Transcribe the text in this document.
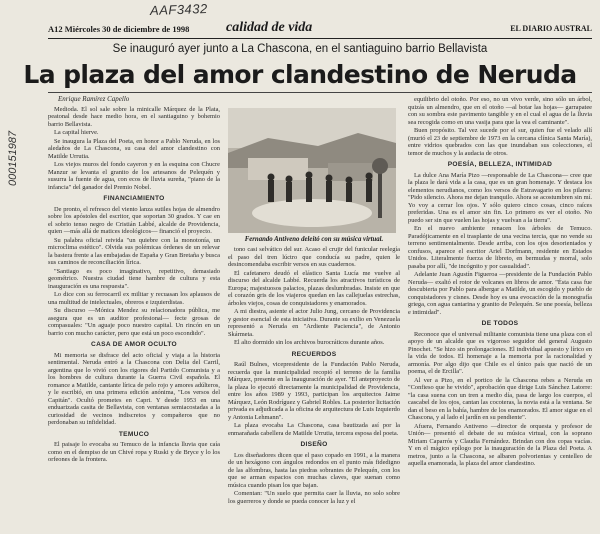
AAF3432
000151987
A12 Miércoles 30 de diciembre de 1998	calidad de vida	EL DIARIO AUSTRAL
Se inauguró ayer junto a La Chascona, en el santiaguino barrio Bellavista
La plaza del amor clandestino de Neruda
Enrique Ramírez Capello

Medioda. El sol sale sobre la minicalle Márquez de la Plata, peatonal desde hace medio hora, en el santiaguino y bohemio barrio Bellavista.

La capital hierve.

Se inaugura la Plaza del Poeta, en honor a Pablo Neruda, en los aledaños de La Chascona, su casa del amor clandestino con Matilde Urrutia.

Los viejos muros del fondo cayeron y en la esquina con Chucre Manzur se levanta el granito de los artesanos de Pelequén y susurra la fuente de agua, con ecos de lluvia sureña, "piano de la infancia" del ganador del Premio Nobel.

FINANCIAMIENTO

De pronto, el refresco del viento lanza sutiles hojas de almendro sobre los apóstoles del escritor, que soportan 30 grados. Y cae en el sobrio tenso negro de Cristián Labbé, alcalde de Providencia, quien —más allá de matices ideológicos— financió el proyecto.

Su palabra oficial reivida "un quiebre con la monotonía, un microclima estético". Olvida sus polémicas órdenes de un relevar la bastera frente a las embajadas de España y Gran Bretaña y busca sus caminos de reconciliación lírica.

"Santiago es poco imaginativo, repetitivo, demasiado geométrico. Nuestra ciudad tiene hambre de cultura y esta inauguración es una respuesta".

Lo dice con su ferrocarril ex militar y recuasan los aplausos de una multitud de intelectuales, obreros e izquierdistas.

Su discurso —Mónica Mendez su relacionadora pública, me asegura que es un auditor profesional— fecte grosas de compasuales: "Un aguaje poco nuestro capital. Un rincón en un barrio con mucho carácter, pero que está un poco escondido".

CASA DE AMOR OCULTO

Mi memoria se disfrace del acto oficial y viaja a la historia sentimental. Neruda entró a la Chascona con Delia del Carril, argentina que lo vivió con los rigores del Partido Comunista y a los hombres de cultura durante la Guerra Civil española. El romance a Matilde, cantante lírica de pelo rojo y amores adúlteros, y le escribió, en una primera edición anónima, "Los versos del Capitán". Ocultó prometes en Capri. Y desde 1953 en una enduarizada casita de Bellavista, con ventanas semiacostadas a la curiosidad de vecinos indiscretos y compañeros que no perdonaban su infidelidad.

TEMUCO

El paisaje lo evocaba su Temuco de la infancia lluvia que caía como en el dempiso de un Chivé ropa y Ruski y de Bryce y lo los orfeones de la frontera.

Fernando Antiveno deleitó con su música virtual.

tono casi selvático del sur. Acaso el crujir del funicular reelegía el paso del tren lúctro que conducía su padre, quien le desincomendaba escribir versos en sus cuadernos.

El cafetanero deudó el elástico Santa Lucía me vuelve al discurso del alcalde Labbé. Recuerda los atractivos turísticos de Europa; majestuosos palacios, plazas deslumbradas. Insiste en que el corazón gris de los viajeros quedan en las callejuelas estrechas, árboles viejos, cosas de conquistadores y enamorados.

A mi diestra, asiente el actor Julio Jung, cercano de Providencia y gestor esencial de esta iniciativa. Durante su exilio en Venezuela representó a Neruda en "Ardiente Paciencia", de Antonio Skármeta.

El alto dormido sin los archivos burocráticos durante años.

RECUERDOS

Raúl Bulnes, vicepresidente de la Fundación Pablo Neruda, recuerda que la municipalidad recopió el terreno de la familia Márquez, presente en la inauguración de ayer. "El anteproyecto de la plaza lo ejecutó directamente la municipalidad de Providencia, entre los años 1989 y 1993, participan los arquitectos Jaime Márquez, León Rodríguez y Gabriel Robles. La posterior licitación privada es adjudicada a la oficina de arquitectura de Luis Izquierdo y Antonia Lehmann".

La plaza evocaba La Chascona, casa bautizada así por la enmarañada cabellera de Matilde Urrutia, tercera esposa del poeta.

DISEÑO

Los diseñadores dicen que el paso copado en 1991, a la manera de un hexágono con ángulos redondos en el punto más fidedigno de las alfombras, hasta las piedras sobrantes de Pelequén, con los que se arman espacios con muchas claves, que suenan como música cuando pisan los que bajan.

Comentan: "Un suelo que permita caer la lluvia, no solo sobre los guerreros y donde se pueda conocer la luz y el

equilibrio del otoño. Por eso, no un vivo verde, sino sólo un árbol, quizás un almendro, que en el otoño —al botar las hojas— garrapatee con su sombra este pavimento tangible y en el cual el agua de la lluvia sea recogida como en una vasija para que la vea el caminante".

Buen propósito. Tal vez sucede por el sur, quien fue el velado allí (murió el 23 de septiembre de 1973 en la cercana clínica Santa María), entre vidrios quebrados con las que inundaban sus colecciones, el temor de muchos y la audacia de otros.

POESÍA, BELLEZA, INTIMIDAD

La dulce Ana María Pizo —responsable de La Chascona— cree que la plaza le dará vida a la casa, que es un gran homenaje. Y destaca los elementos nerudianos, como los versos de Estravagario en los pilares: "Pido silencio. Ahora me dejan tranquilo. Ahora se acostumbren sin mí. Yo voy a cerrar los ojos. Y sólo quiero cinco cosas, cinco raíces preferidas. Una es el amor sin fin. Lo primero es ver el otoño. No puedo ser sin que vuelen las hojas y vuelvan a la tierra".

En el nuevo ambiente renacen los árboles de Temuco. Paradójicamente en el trasplante de una vecina tercia, que no vende su terreno sentimentalmente. Desde arriba, con los ojos desorientados y confusos, aparece el escritor Ariel Dorfmann, residente en Estados Unidos. Literalmente fuerza de libreto, en bermudas y morral, solo pasaba por allí, "de incógnito y por casualidad".

Adelante Juan Agustín Figueroa —presidente de la Fundación Pablo Neruda— exaltó el rotor de volcanes en libros de amor. "Ésta casa fue descubierta por Pablo para albergar a Matilde, un escogido y pueblo de conquistadores y cisnes. Desde hoy es una evocación de la monografía griega, con agua cantarina y granito de Pelequén. Se une poesía, belleza e intimidad".

DE TODOS

Reconoce que el universal militante comunista tiene una plaza con el apoyo de un alcalde que es vigoroso seguidor del general Augusto Pinochet. "Se hizo sin prolongaciones. El individual apuesto y lírico en la vida de todos. El homenaje a la memoria por la racionalidad y armonía. Por algo dijo que Chile es el único país que nació de un poema, el de Ercilla".

Al ver a Pizo, en el portico de la Chascona rebes a Neruda en "Confieso que he vivido", aprobación que dirige Luis Sánchez Latorre: "la casa suena con un tren a medio día, pasa de largo los cuerpos, el cascabel de los ojos, cantan las cocoteras, la novia está a la ventana. Se dan el beso en la bahía, hambre de los enamorados. El amor sigue en el Chascona, y al lado el jardín en su pendiente".

Afuera, Fernando Antiveno —director de orquesta y profesor de Unión— presentó el debate de su música virtual, con la soprano Miriam Caparrós y Claudia Fernández. Brindan con dos copas vacías. Y en el mágico epílogo por la inauguración de la Plaza del Poeta. A metros, junto a la Chascona, se albaren polvorientas y centelleo de aquella enamorada, la plaza del amor clandestino.
